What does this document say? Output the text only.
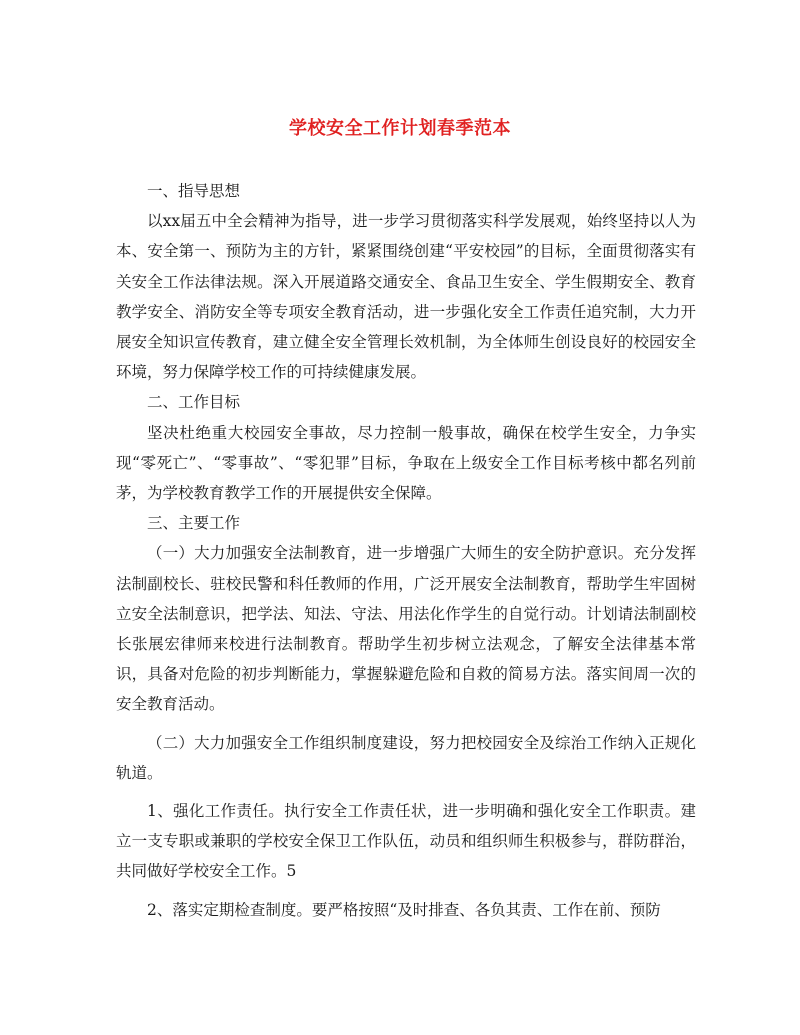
学校安全工作计划春季范本

一、指导思想

以xx届五中全会精神为指导，进一步学习贯彻落实科学发展观，始终坚持以人为本、安全第一、预防为主的方针，紧紧围绕创建“平安校园”的目标，全面贯彻落实有关安全工作法律法规。深入开展道路交通安全、食品卫生安全、学生假期安全、教育教学安全、消防安全等专项安全教育活动，进一步强化安全工作责任追究制，大力开展安全知识宣传教育，建立健全安全管理长效机制，为全体师生创设良好的校园安全环境，努力保障学校工作的可持续健康发展。

二、工作目标

坚决杜绝重大校园安全事故，尽力控制一般事故，确保在校学生安全，力争实现“零死亡”、“零事故”、“零犯罪”目标，争取在上级安全工作目标考核中都名列前茅，为学校教育教学工作的开展提供安全保障。

三、主要工作

（一）大力加强安全法制教育，进一步增强广大师生的安全防护意识。充分发挥法制副校长、驻校民警和科任教师的作用，广泛开展安全法制教育，帮助学生牢固树立安全法制意识，把学法、知法、守法、用法化作学生的自觉行动。计划请法制副校长张展宏律师来校进行法制教育。帮助学生初步树立法观念，了解安全法律基本常识，具备对危险的初步判断能力，掌握躲避危险和自救的简易方法。落实间周一次的安全教育活动。

（二）大力加强安全工作组织制度建设，努力把校园安全及综治工作纳入正规化轨道。

1、强化工作责任。执行安全工作责任状，进一步明确和强化安全工作职责。建立一支专职或兼职的学校安全保卫工作队伍，动员和组织师生积极参与，群防群治，共同做好学校安全工作。5

2、落实定期检查制度。要严格按照“及时排查、各负其责、工作在前、预防
